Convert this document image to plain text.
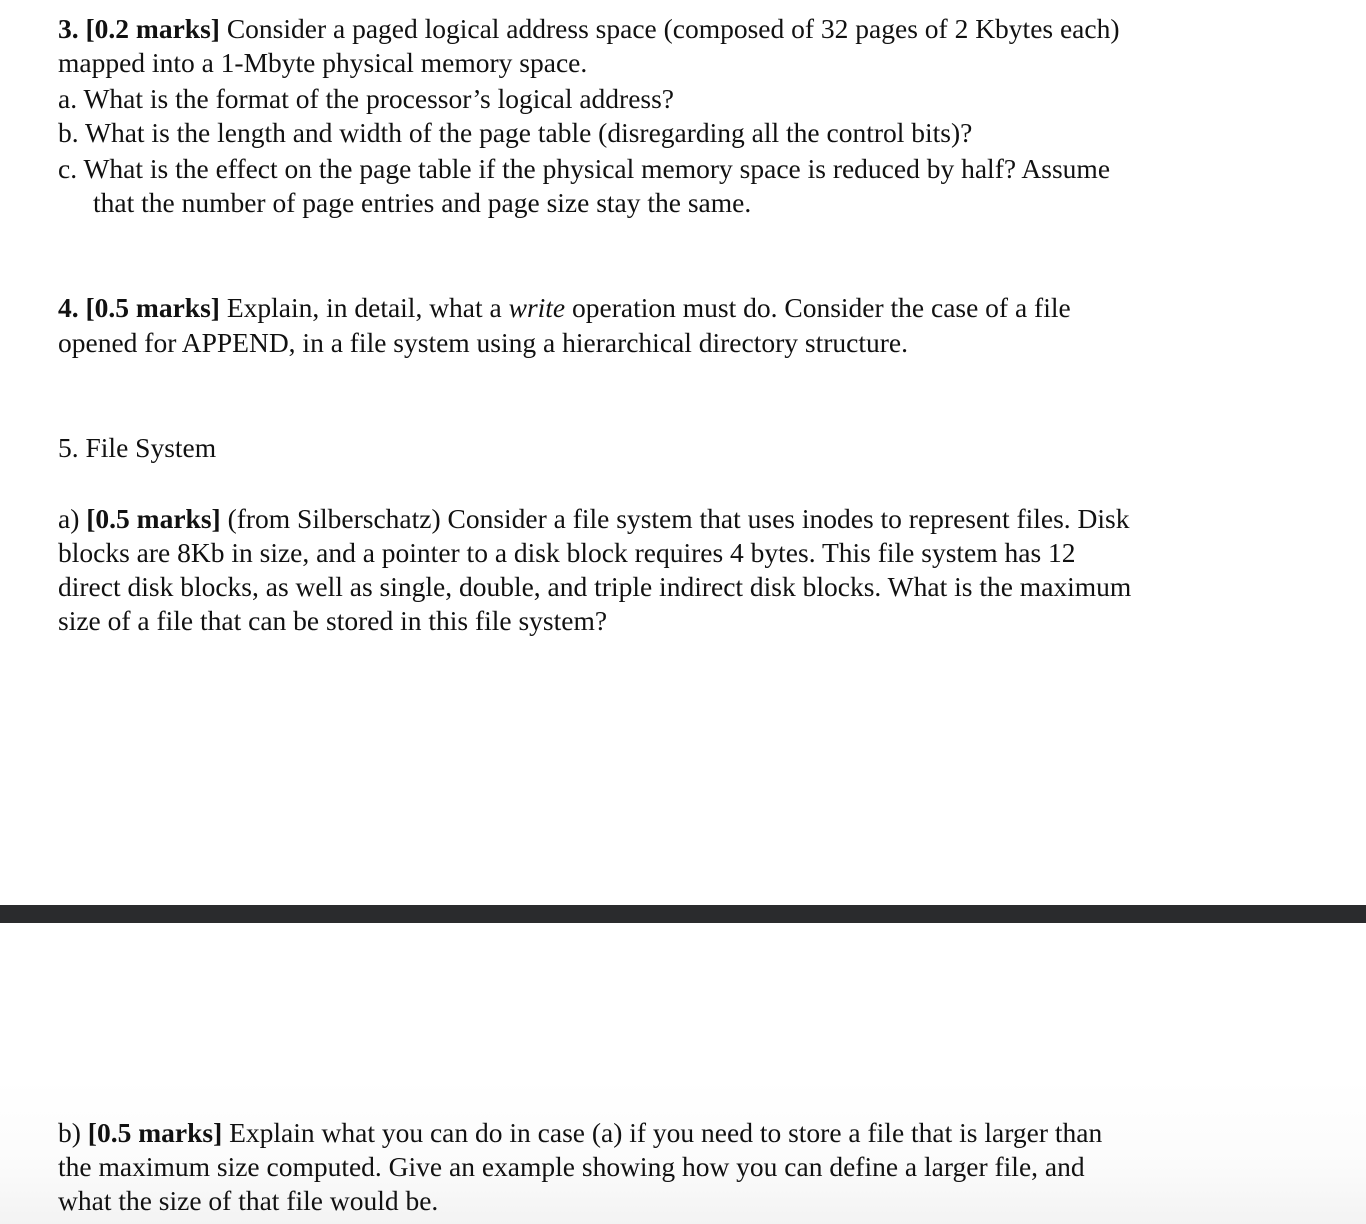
3. [0.2 marks] Consider a paged logical address space (composed of 32 pages of 2 Kbytes each)

mapped into a 1-Mbyte physical memory space.

a. What is the format of the processor’s logical address?

b. What is the length and width of the page table (disregarding all the control bits)?

c. What is the effect on the page table if the physical memory space is reduced by half? Assume

that the number of page entries and page size stay the same.

4. [0.5 marks] Explain, in detail, what a write operation must do. Consider the case of a file

opened for APPEND, in a file system using a hierarchical directory structure.

5. File System

a) [0.5 marks] (from Silberschatz) Consider a file system that uses inodes to represent files. Disk

blocks are 8Kb in size, and a pointer to a disk block requires 4 bytes. This file system has 12

direct disk blocks, as well as single, double, and triple indirect disk blocks. What is the maximum

size of a file that can be stored in this file system?

b) [0.5 marks] Explain what you can do in case (a) if you need to store a file that is larger than

the maximum size computed. Give an example showing how you can define a larger file, and

what the size of that file would be.
